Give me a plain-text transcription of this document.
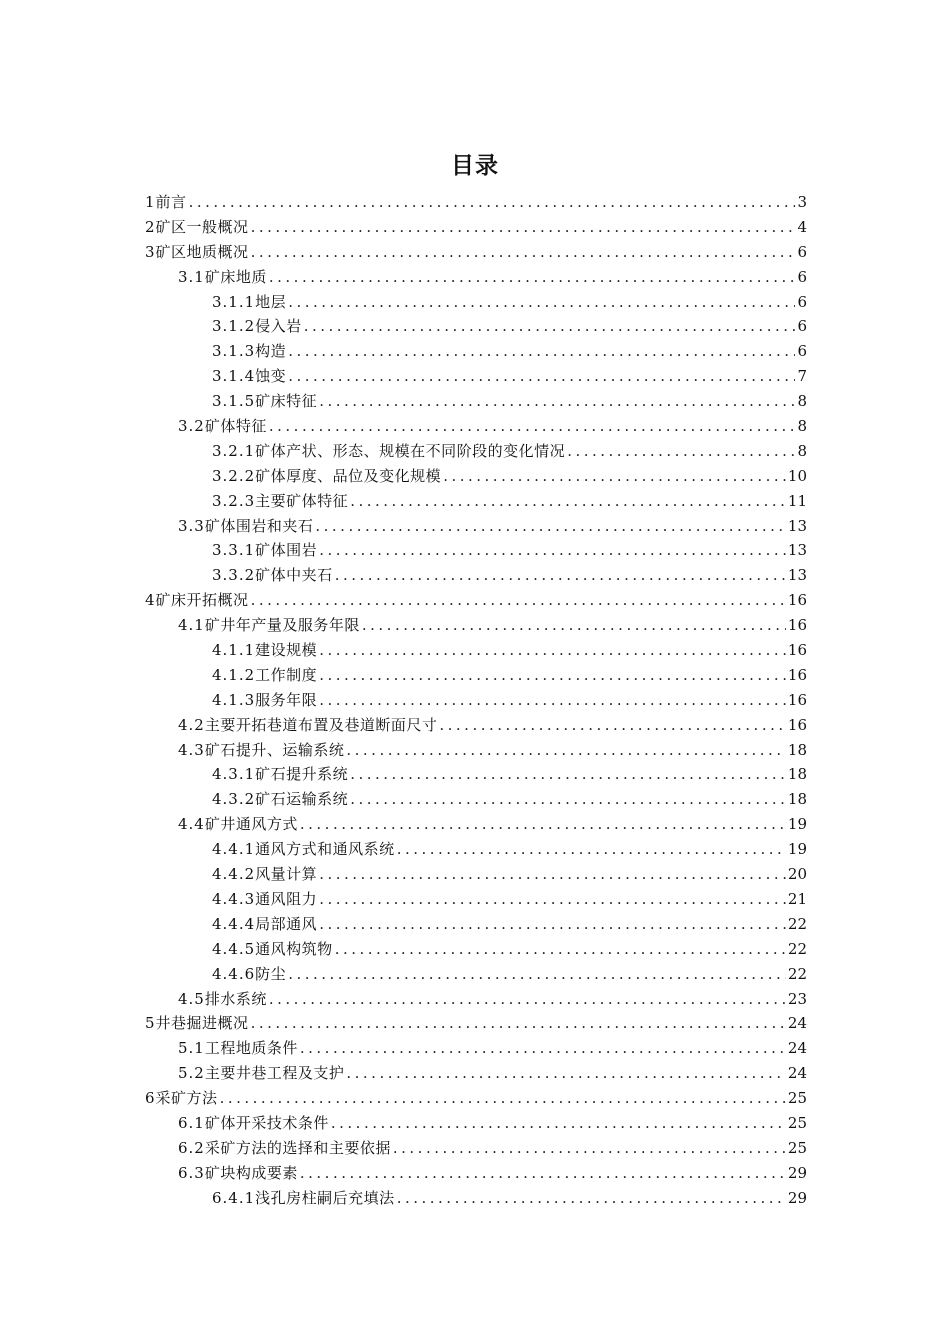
目录
1 前言 .....	3
2 矿区一般概况 .....	4
3 矿区地质概况 .....	6
3.1 矿床地质 .....	6
3.1.1 地层 .....	6
3.1.2 侵入岩 .....	6
3.1.3 构造 .....	6
3.1.4 蚀变 .....	7
3.1.5 矿床特征 .....	8
3.2 矿体特征 .....	8
3.2.1 矿体产状、形态、规模在不同阶段的变化情况 .....	8
3.2.2 矿体厚度、品位及变化规模 .....	10
3.2.3 主要矿体特征 .....	11
3.3 矿体围岩和夹石 .....	13
3.3.1 矿体围岩 .....	13
3.3.2 矿体中夹石 .....	13
4 矿床开拓概况 .....	16
4.1 矿井年产量及服务年限 .....	16
4.1.1 建设规模 .....	16
4.1.2 工作制度 .....	16
4.1.3 服务年限 .....	16
4.2 主要开拓巷道布置及巷道断面尺寸 .....	16
4.3 矿石提升、运输系统 .....	18
4.3.1 矿石提升系统 .....	18
4.3.2 矿石运输系统 .....	18
4.4 矿井通风方式 .....	19
4.4.1 通风方式和通风系统 .....	19
4.4.2 风量计算 .....	20
4.4.3 通风阻力 .....	21
4.4.4 局部通风 .....	22
4.4.5 通风构筑物 .....	22
4.4.6 防尘 .....	22
4.5 排水系统 .....	23
5 井巷掘进概况 .....	24
5.1 工程地质条件 .....	24
5.2 主要井巷工程及支护 .....	24
6 采矿方法 .....	25
6.1 矿体开采技术条件 .....	25
6.2 采矿方法的选择和主要依据 .....	25
6.3 矿块构成要素 .....	29
6.4.1 浅孔房柱嗣后充填法 .....	29
